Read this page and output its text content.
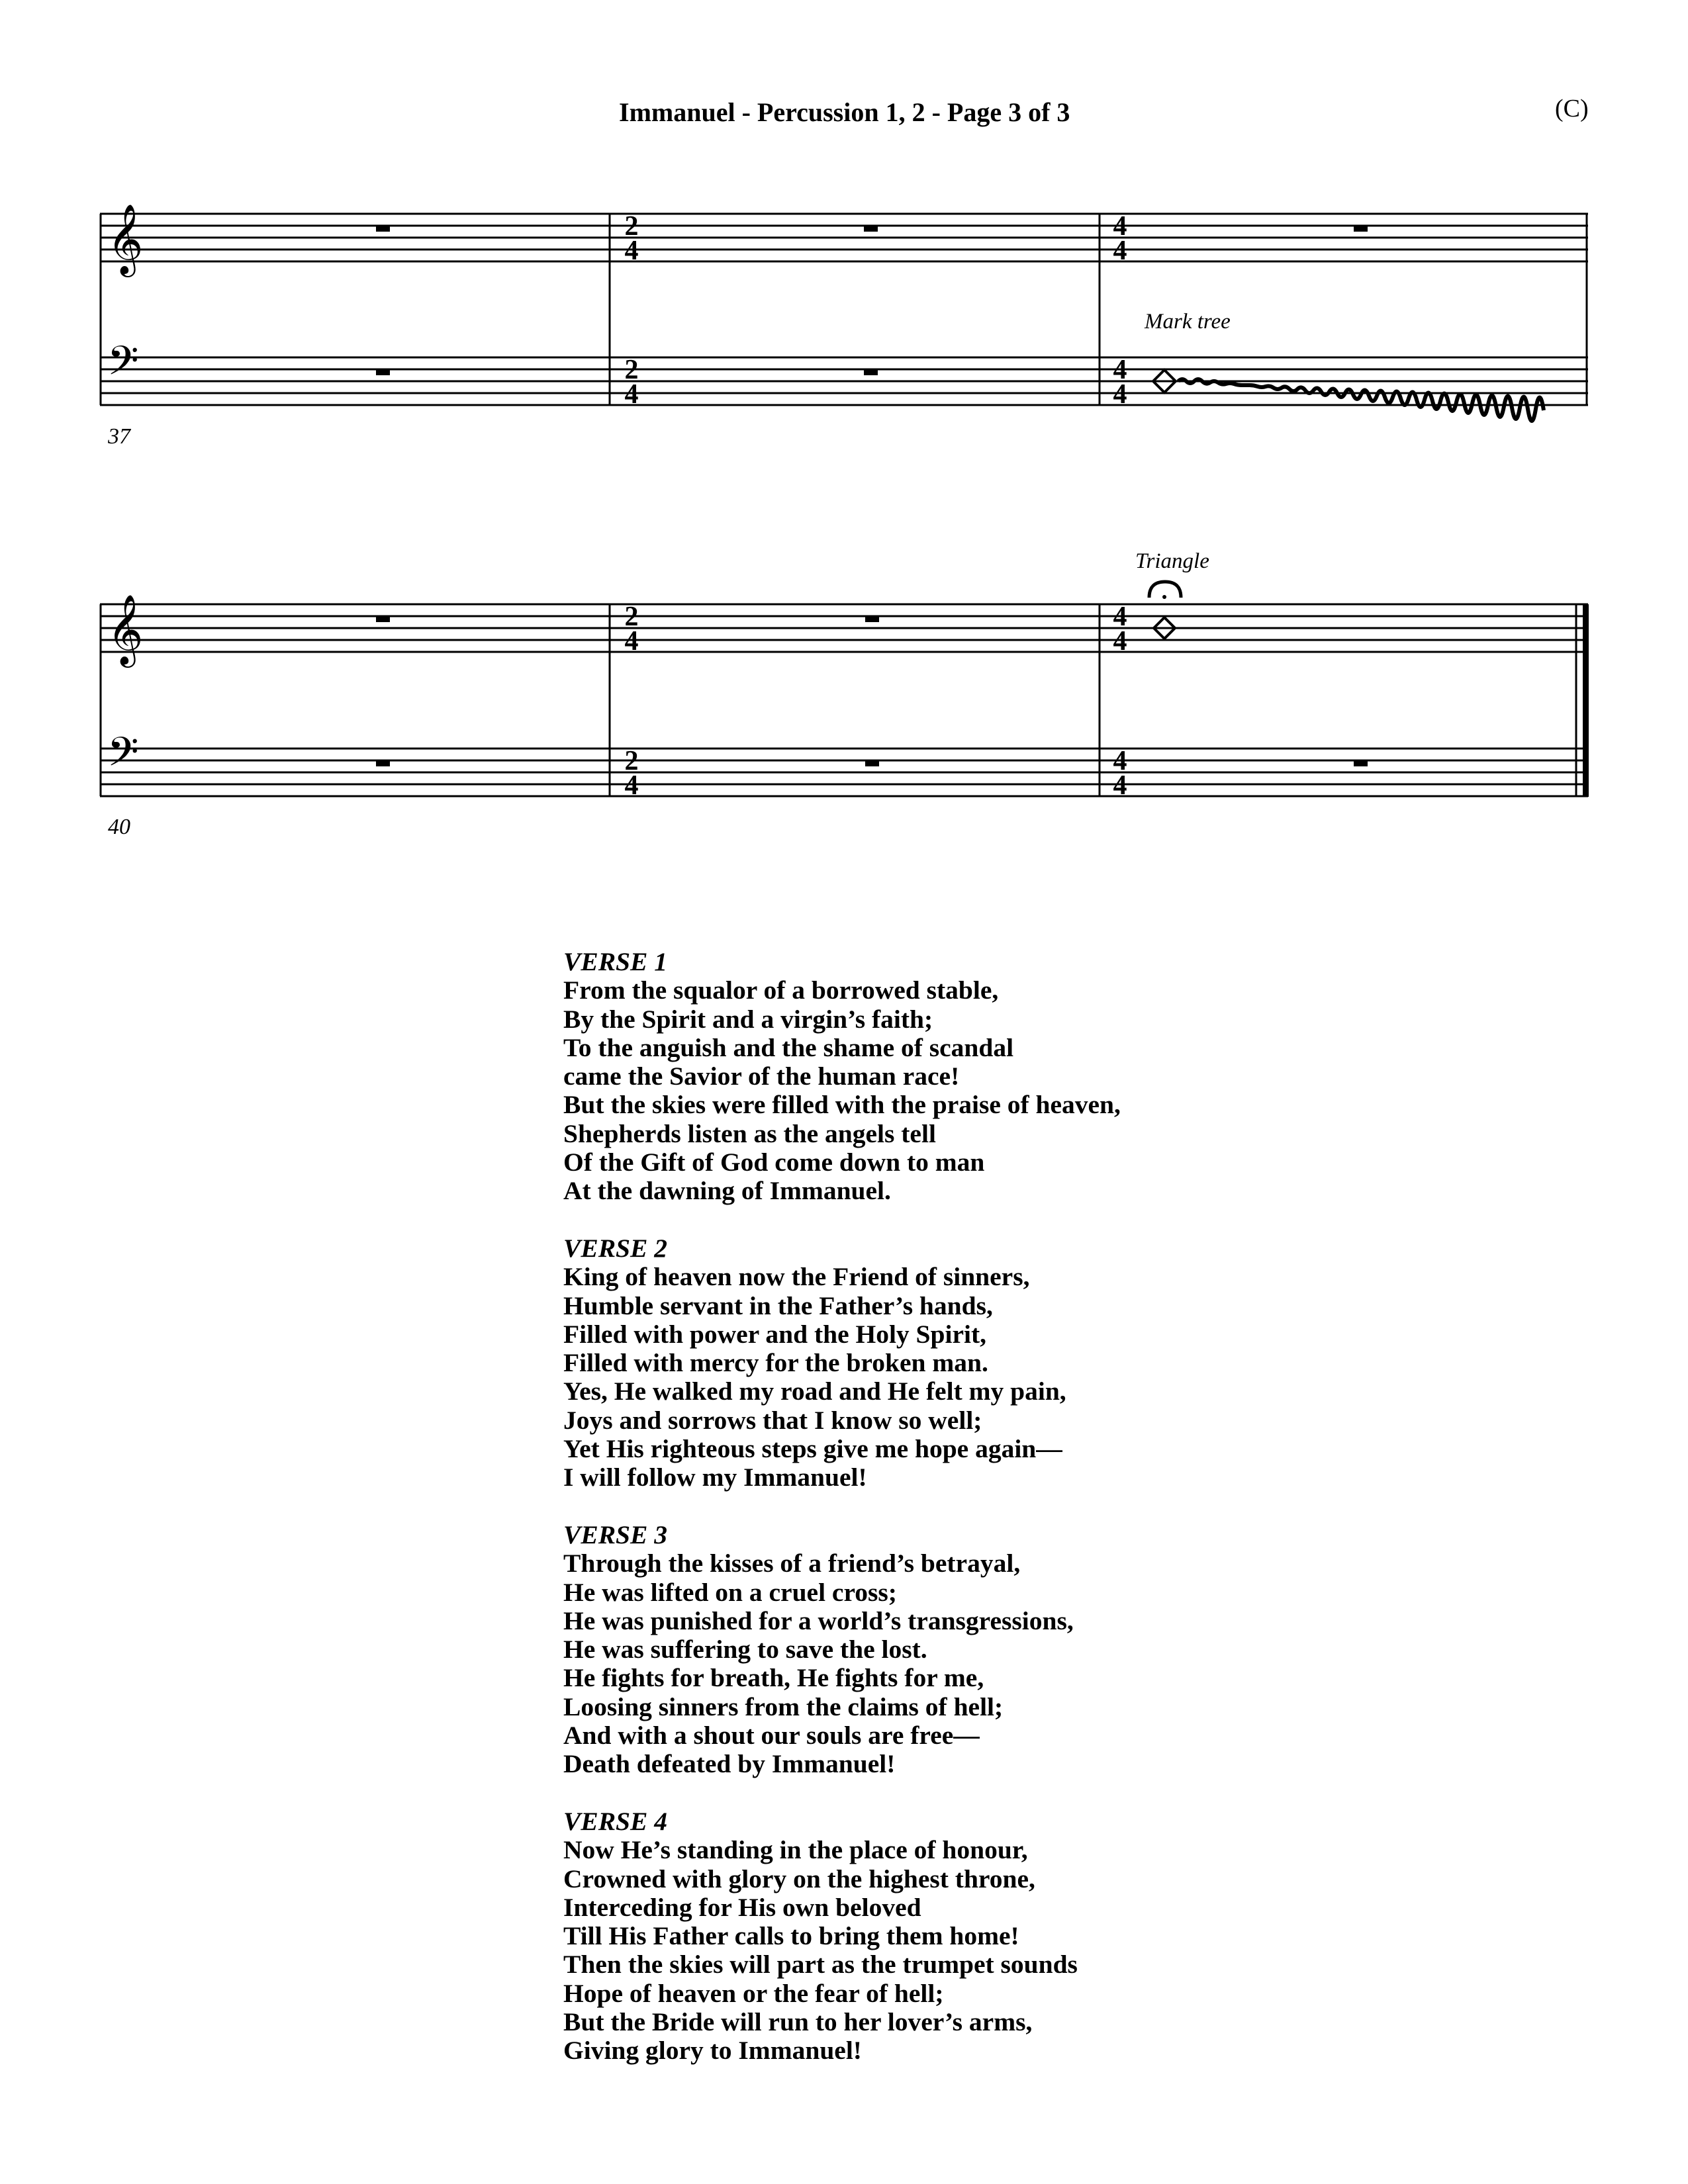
Immanuel - Percussion 1, 2 - Page 3 of 3	(C)
𝄞
𝄢
2
4
2
4
4
4
4
4
𝄞
𝄢
2
4
2
4
4
4
4
4
37
40
Mark tree
Triangle
VERSE 1
From the squalor of a borrowed stable,
By the Spirit and a virgin’s faith;
To the anguish and the shame of scandal
came the Savior of the human race!
But the skies were filled with the praise of heaven,
Shepherds listen as the angels tell
Of the Gift of God come down to man
At the dawning of Immanuel.
VERSE 2
King of heaven now the Friend of sinners,
Humble servant in the Father’s hands,
Filled with power and the Holy Spirit,
Filled with mercy for the broken man.
Yes, He walked my road and He felt my pain,
Joys and sorrows that I know so well;
Yet His righteous steps give me hope again—
I will follow my Immanuel!
VERSE 3
Through the kisses of a friend’s betrayal,
He was lifted on a cruel cross;
He was punished for a world’s transgressions,
He was suffering to save the lost.
He fights for breath, He fights for me,
Loosing sinners from the claims of hell;
And with a shout our souls are free—
Death defeated by Immanuel!
VERSE 4
Now He’s standing in the place of honour,
Crowned with glory on the highest throne,
Interceding for His own beloved
Till His Father calls to bring them home!
Then the skies will part as the trumpet sounds
Hope of heaven or the fear of hell;
But the Bride will run to her lover’s arms,
Giving glory to Immanuel!
